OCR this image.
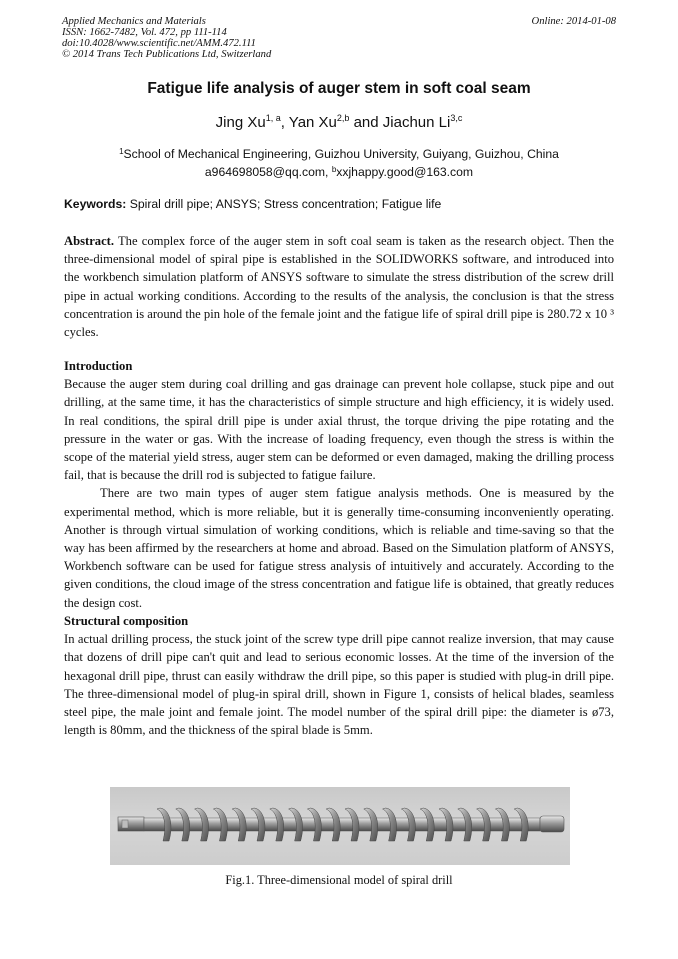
Applied Mechanics and Materials
ISSN: 1662-7482, Vol. 472, pp 111-114
doi:10.4028/www.scientific.net/AMM.472.111
© 2014 Trans Tech Publications Ltd, Switzerland
Online: 2014-01-08
Fatigue life analysis of auger stem in soft coal seam
Jing Xu$^{1, a}$, Yan Xu$^{2,b}$ and Jiachun Li$^{3,c}$
$^1$School of Mechanical Engineering, Guizhou University, Guiyang, Guizhou, China
a964698058@qq.com, $^b$xxjhappy.good@163.com
Keywords: Spiral drill pipe; ANSYS; Stress concentration; Fatigue life

Abstract. The complex force of the auger stem in soft coal seam is taken as the research object. Then the three-dimensional model of spiral pipe is established in the SOLIDWORKS software, and introduced into the workbench simulation platform of ANSYS software to simulate the stress distribution of the screw drill pipe in actual working conditions. According to the results of the analysis, the conclusion is that the stress concentration is around the pin hole of the female joint and the fatigue life of spiral drill pipe is 280.72 x 10 ³ cycles.

Introduction

Because the auger stem during coal drilling and gas drainage can prevent hole collapse, stuck pipe and out drilling, at the same time, it has the characteristics of simple structure and high efficiency, it is widely used. In real conditions, the spiral drill pipe is under axial thrust, the torque driving the pipe rotating and the pressure in the water or gas. With the increase of loading frequency, even though the stress is within the scope of the material yield stress, auger stem can be deformed or even damaged, making the drilling process fail, that is because the drill rod is subjected to fatigue failure.

There are two main types of auger stem fatigue analysis methods. One is measured by the experimental method, which is more reliable, but it is generally time-consuming inconveniently operating. Another is through virtual simulation of working conditions, which is reliable and time-saving so that the way has been affirmed by the researchers at home and abroad. Based on the Simulation platform of ANSYS, Workbench software can be used for fatigue stress analysis of intuitively and accurately. According to the given conditions, the cloud image of the stress concentration and fatigue life is obtained, that greatly reduces the design cost.

Structural composition

In actual drilling process, the stuck joint of the screw type drill pipe cannot realize inversion, that may cause that dozens of drill pipe can't quit and lead to serious economic losses. At the time of the inversion of the hexagonal drill pipe, thrust can easily withdraw the drill pipe, so this paper is studied with plug-in drill pipe. The three-dimensional model of plug-in spiral drill, shown in Figure 1, consists of helical blades, seamless steel pipe, the male joint and female joint. The model number of the spiral drill pipe: the diameter is ø73, length is 80mm, and the thickness of the spiral blade is 5mm.

Fig.1. Three-dimensional model of spiral drill
